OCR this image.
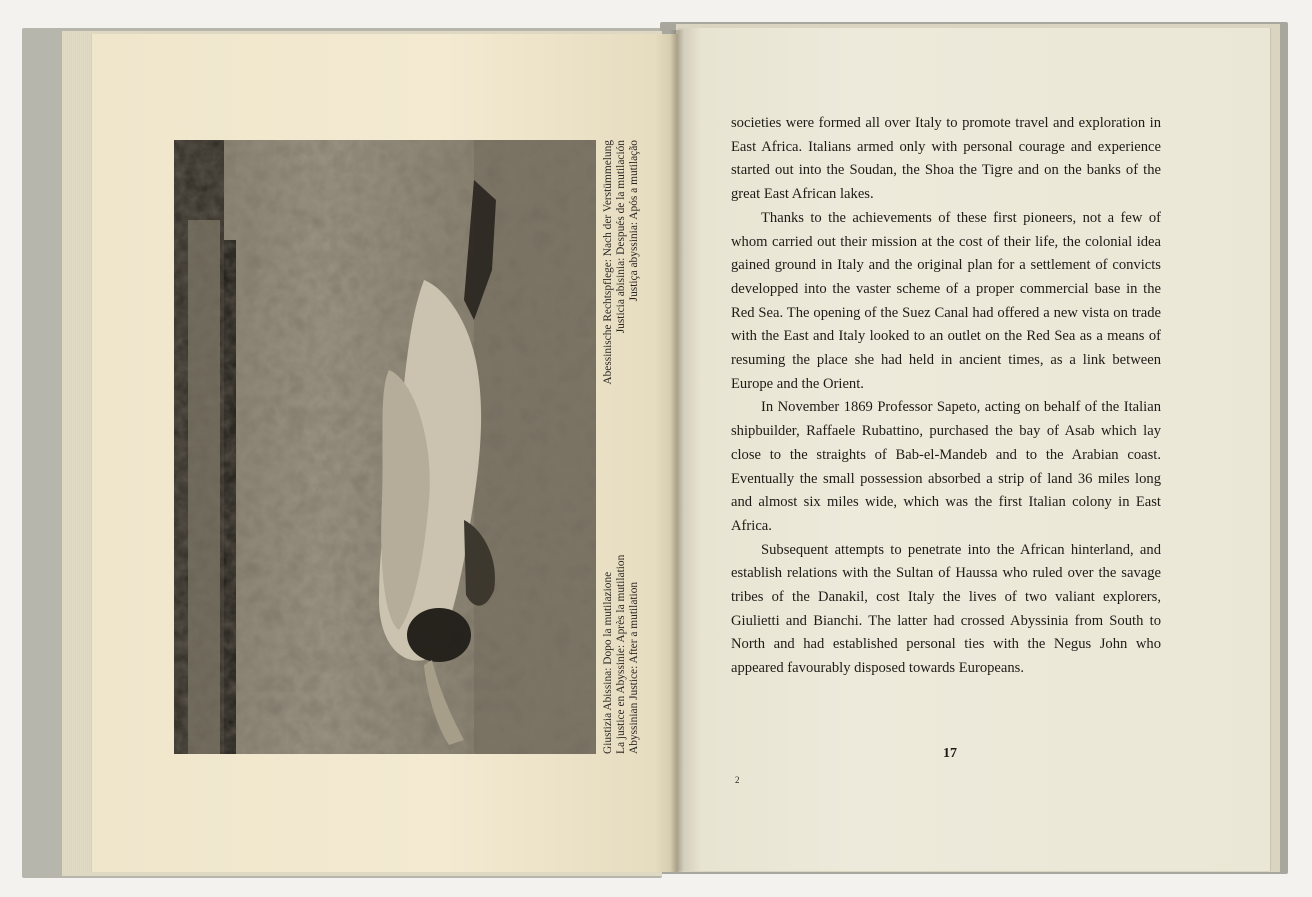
Giustizia Abissina: Dopo la mutilazione
Abessinische Rechtspflege: Nach der Verstümmelung
La justice en Abyssinie: Après la mutilation
Justicia abisinia: Después de la mutilación
Abyssinian Justice: After a mutilation
Justiça abyssinia: Após a mutilação

societies were formed all over Italy to promote travel and exploration in East Africa. Italians armed only with personal courage and experience started out into the Soudan, the Shoa the Tigre and on the banks of the great East African lakes.

Thanks to the achievements of these first pioneers, not a few of whom carried out their mission at the cost of their life, the colonial idea gained ground in Italy and the original plan for a settlement of convicts developped into the vaster scheme of a proper commercial base in the Red Sea. The opening of the Suez Canal had offered a new vista on trade with the East and Italy looked to an outlet on the Red Sea as a means of resuming the place she had held in ancient times, as a link between Europe and the Orient.

In November 1869 Professor Sapeto, acting on behalf of the Italian shipbuilder, Raffaele Rubattino, purchased the bay of Asab which lay close to the straights of Bab-el-Mandeb and to the Arabian coast. Eventually the small possession absorbed a strip of land 36 miles long and almost six miles wide, which was the first Italian colony in East Africa.

Subsequent attempts to penetrate into the African hinterland, and establish relations with the Sultan of Haussa who ruled over the savage tribes of the Danakil, cost Italy the lives of two valiant explorers, Giulietti and Bianchi. The latter had crossed Abyssinia from South to North and had established personal ties with the Negus John who appeared favourably disposed towards Europeans.

17
2
